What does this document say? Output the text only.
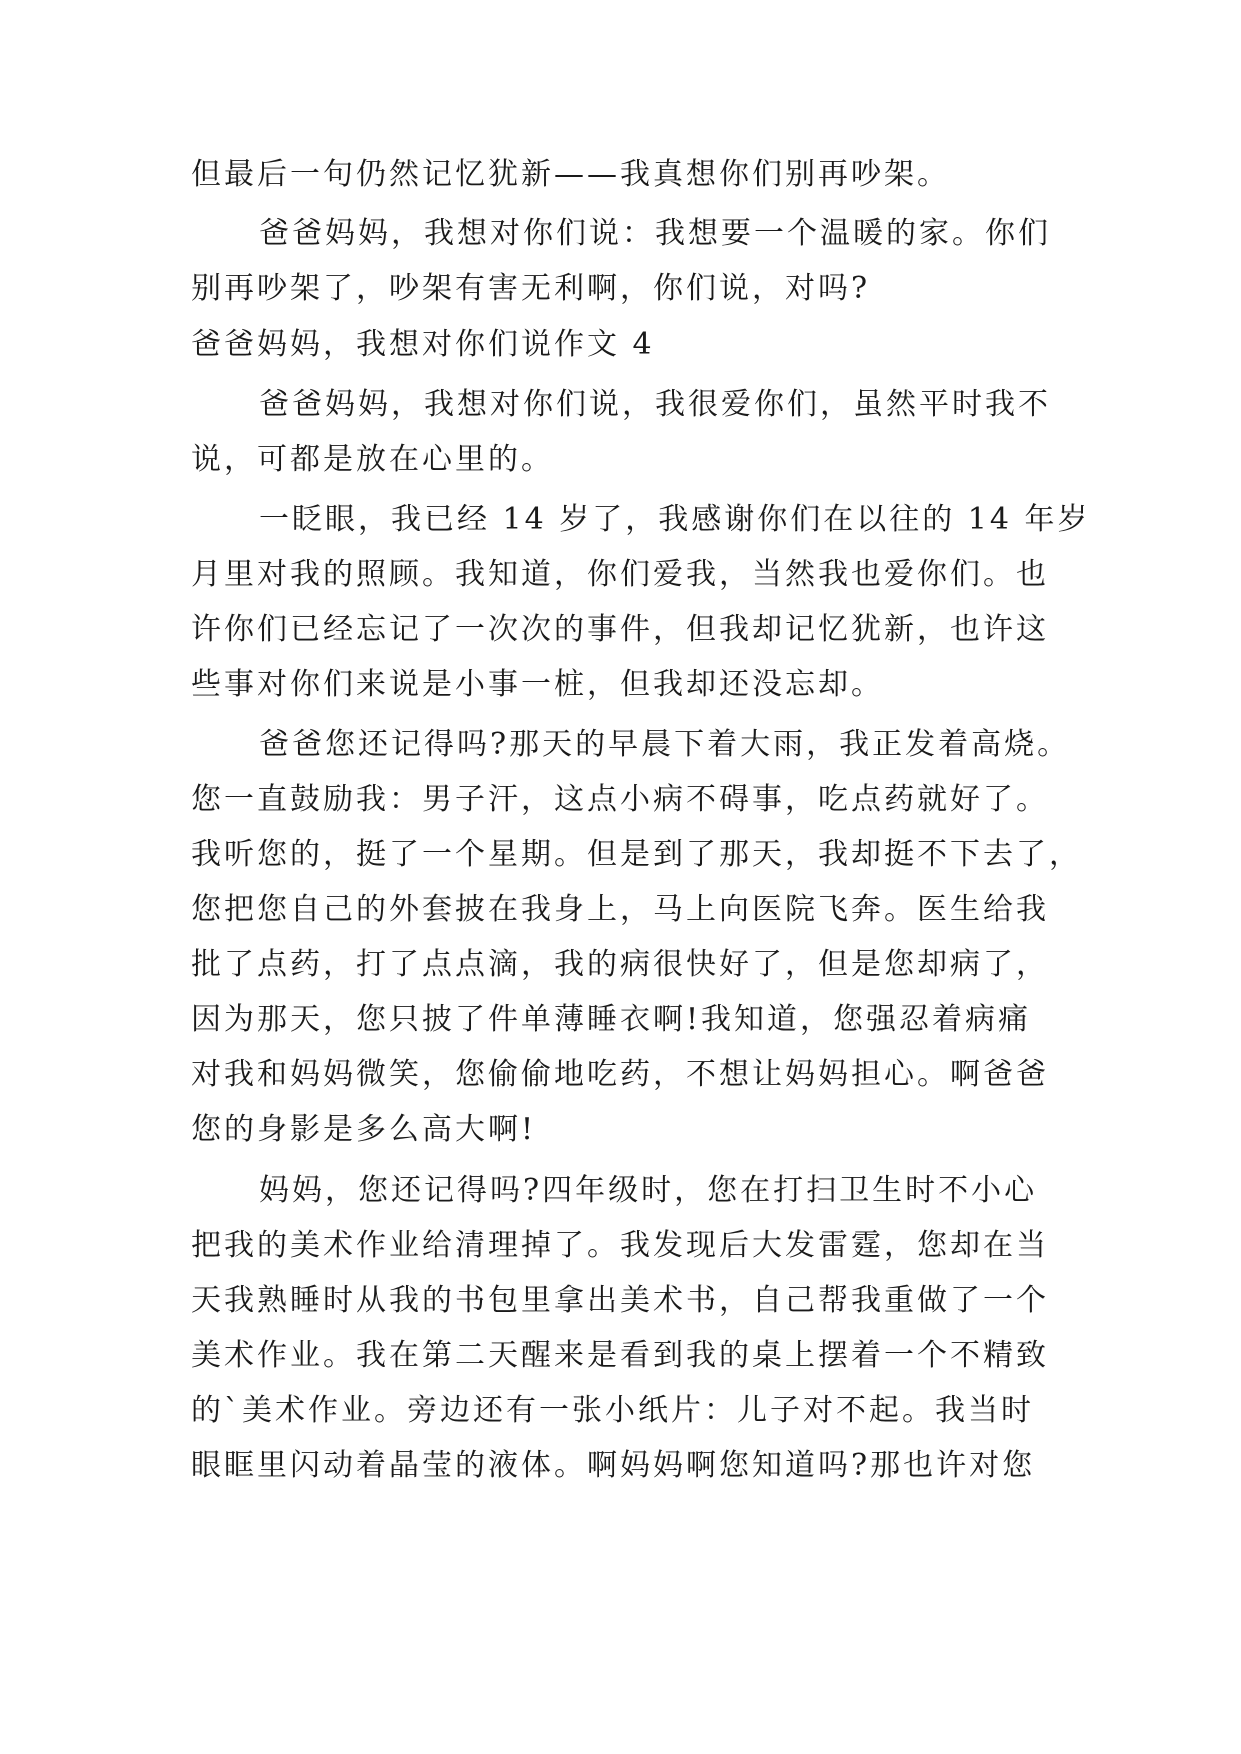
但最后一句仍然记忆犹新——我真想你们别再吵架。
爸爸妈妈，我想对你们说：我想要一个温暖的家。你们
别再吵架了，吵架有害无利啊，你们说，对吗?
爸爸妈妈，我想对你们说作文 4
爸爸妈妈，我想对你们说，我很爱你们，虽然平时我不
说，可都是放在心里的。
一眨眼，我已经 14 岁了，我感谢你们在以往的 14 年岁
月里对我的照顾。我知道，你们爱我，当然我也爱你们。也
许你们已经忘记了一次次的事件，但我却记忆犹新，也许这
些事对你们来说是小事一桩，但我却还没忘却。
爸爸您还记得吗?那天的早晨下着大雨，我正发着高烧。
您一直鼓励我：男子汗，这点小病不碍事，吃点药就好了。
我听您的，挺了一个星期。但是到了那天，我却挺不下去了，
您把您自己的外套披在我身上，马上向医院飞奔。医生给我
批了点药，打了点点滴，我的病很快好了，但是您却病了，
因为那天，您只披了件单薄睡衣啊!我知道，您强忍着病痛
对我和妈妈微笑，您偷偷地吃药，不想让妈妈担心。啊爸爸
您的身影是多么高大啊!
妈妈，您还记得吗?四年级时，您在打扫卫生时不小心
把我的美术作业给清理掉了。我发现后大发雷霆，您却在当
天我熟睡时从我的书包里拿出美术书，自己帮我重做了一个
美术作业。我在第二天醒来是看到我的桌上摆着一个不精致
的`美术作业。旁边还有一张小纸片：儿子对不起。我当时
眼眶里闪动着晶莹的液体。啊妈妈啊您知道吗?那也许对您
